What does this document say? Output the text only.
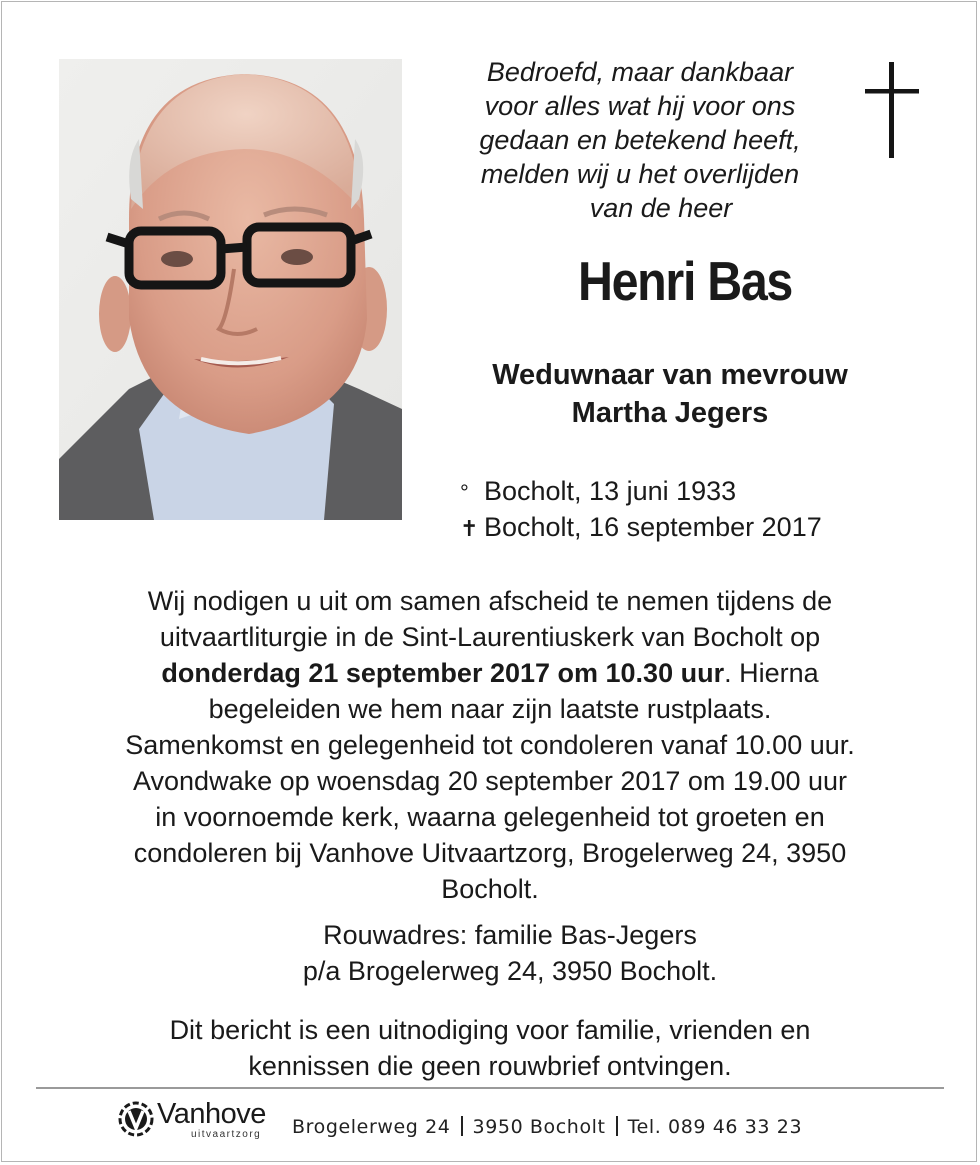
Bedroefd, maar dankbaar
voor alles wat hij voor ons
gedaan en betekend heeft,
melden wij u het overlijden
van de heer
Henri Bas
Weduwnaar van mevrouw
Martha Jegers
° Bocholt, 13 juni 1933
✝ Bocholt, 16 september 2017
Wij nodigen u uit om samen afscheid te nemen tijdens de
uitvaartliturgie in de Sint-Laurentiuskerk van Bocholt op
donderdag 21 september 2017 om 10.30 uur. Hierna
begeleiden we hem naar zijn laatste rustplaats.
Samenkomst en gelegenheid tot condoleren vanaf 10.00 uur.
Avondwake op woensdag 20 september 2017 om 19.00 uur
in voornoemde kerk, waarna gelegenheid tot groeten en
condoleren bij Vanhove Uitvaartzorg, Brogelerweg 24, 3950
Bocholt.
Rouwadres: familie Bas-Jegers
p/a Brogelerweg 24, 3950 Bocholt.
Dit bericht is een uitnodiging voor familie, vrienden en
kennissen die geen rouwbrief ontvingen.
Vanhove
uitvaartzorg Brogelerweg 24 3950 Bocholt Tel. 089 46 33 23
